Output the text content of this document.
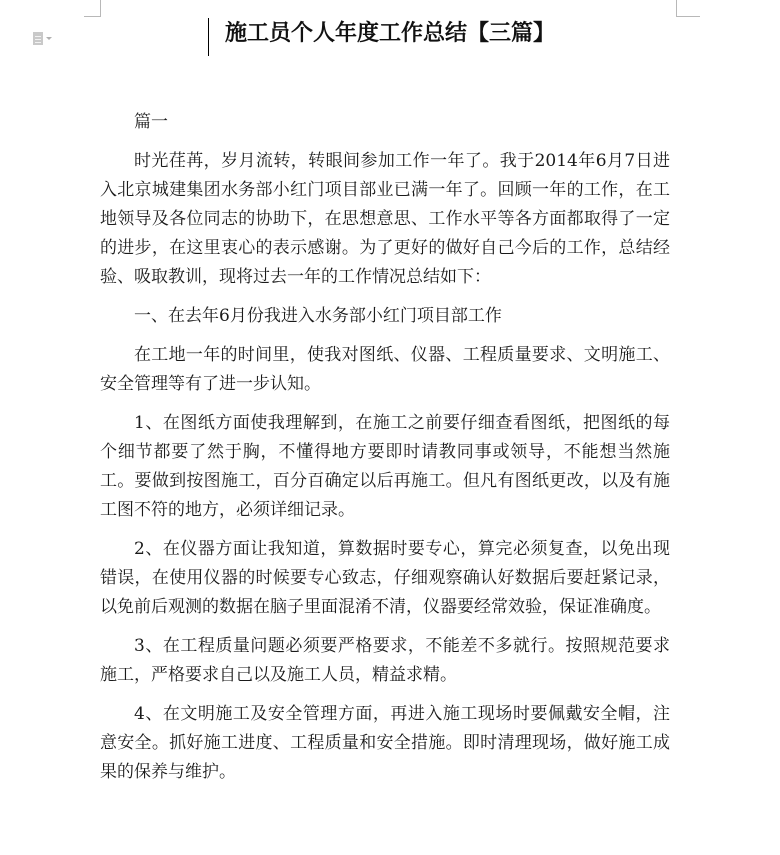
施工员个人年度工作总结【三篇】

篇一

时光荏苒，岁月流转，转眼间参加工作一年了。我于2014年6月7日进入北京城建集团水务部小红门项目部业已满一年了。回顾一年的工作，在工地领导及各位同志的协助下，在思想意思、工作水平等各方面都取得了一定的进步，在这里衷心的表示感谢。为了更好的做好自己今后的工作，总结经验、吸取教训，现将过去一年的工作情况总结如下：

一、在去年6月份我进入水务部小红门项目部工作

在工地一年的时间里，使我对图纸、仪器、工程质量要求、文明施工、安全管理等有了进一步认知。

1、在图纸方面使我理解到，在施工之前要仔细查看图纸，把图纸的每个细节都要了然于胸，不懂得地方要即时请教同事或领导，不能想当然施工。要做到按图施工，百分百确定以后再施工。但凡有图纸更改，以及有施工图不符的地方，必须详细记录。

2、在仪器方面让我知道，算数据时要专心，算完必须复查，以免出现错误，在使用仪器的时候要专心致志，仔细观察确认好数据后要赶紧记录，以免前后观测的数据在脑子里面混淆不清，仪器要经常效验，保证准确度。

3、在工程质量问题必须要严格要求，不能差不多就行。按照规范要求施工，严格要求自己以及施工人员，精益求精。

4、在文明施工及安全管理方面，再进入施工现场时要佩戴安全帽，注意安全。抓好施工进度、工程质量和安全措施。即时清理现场，做好施工成果的保养与维护。
